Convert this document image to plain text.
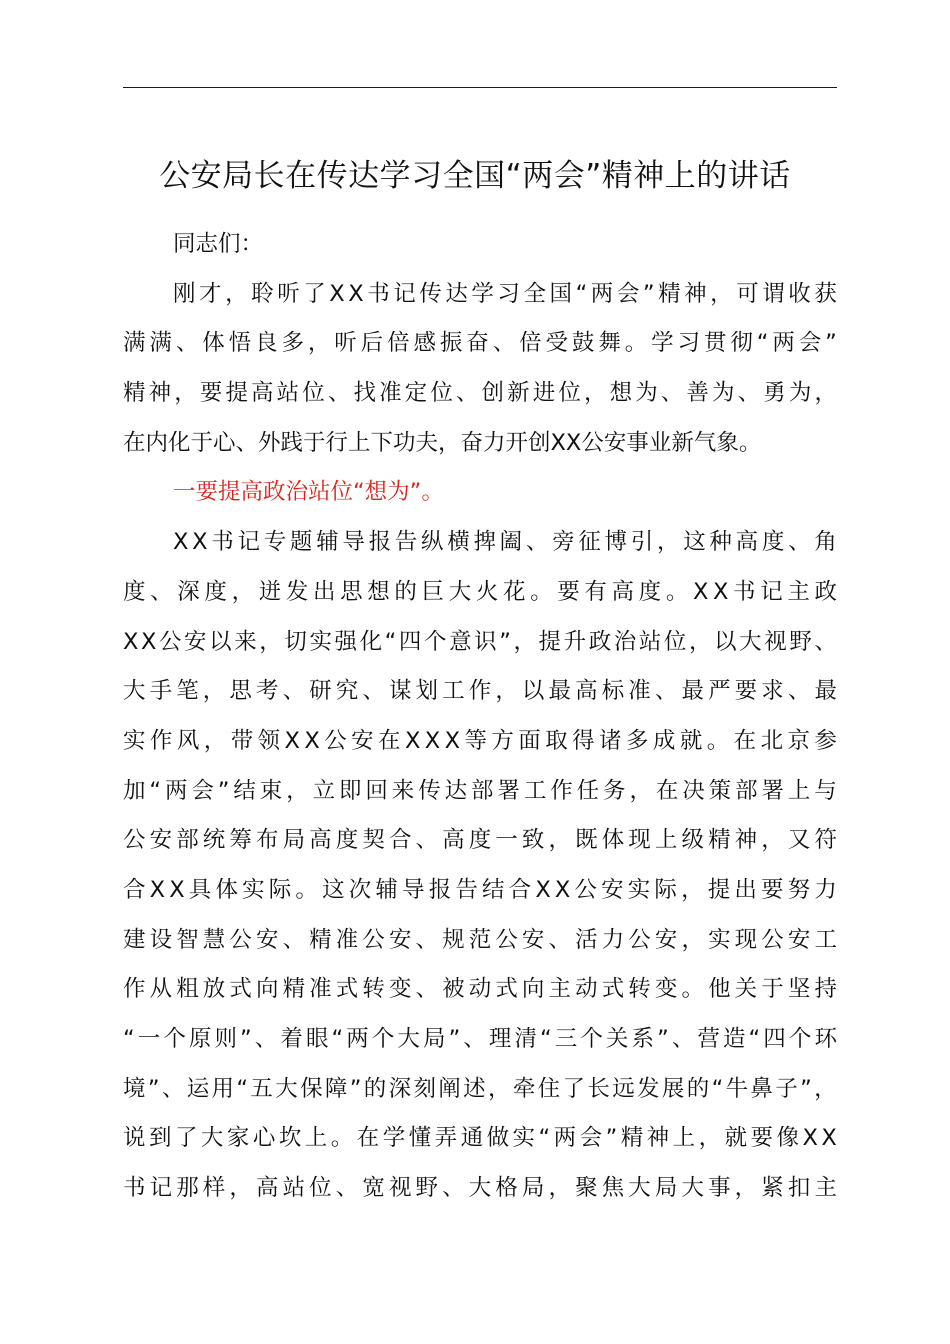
公安局长在传达学习全国“两会”精神上的讲话
同志们：
刚 才 ， 聆 听 了 X X 书 记 传 达 学 习 全 国 “ 两 会 ” 精 神 ， 可 谓 收 获
满 满 、 体 悟 良 多 ， 听 后 倍 感 振 奋 、 倍 受 鼓 舞 。 学 习 贯 彻 “ 两 会 ”
精 神 ， 要 提 高 站 位 、 找 准 定 位 、 创 新 进 位 ， 想 为 、 善 为 、 勇 为 ，
在内化于心、外践于行上下功夫，奋力开创XX公安事业新气象。
一要提高政治站位“想为”。
X X 书 记 专 题 辅 导 报 告 纵 横 捭 阖 、 旁 征 博 引 ， 这 种 高 度 、 角
度 、 深 度 ， 迸 发 出 思 想 的 巨 大 火 花 。 要 有 高 度 。 X X 书 记 主 政
X X 公 安 以 来 ， 切 实 强 化 “ 四 个 意 识 ” ， 提 升 政 治 站 位 ， 以 大 视 野 、
大 手 笔 ， 思 考 、 研 究 、 谋 划 工 作 ， 以 最 高 标 准 、 最 严 要 求 、 最
实 作 风 ， 带 领 X X 公 安 在 X X X 等 方 面 取 得 诸 多 成 就 。 在 北 京 参
加 “ 两 会 ” 结 束 ， 立 即 回 来 传 达 部 署 工 作 任 务 ， 在 决 策 部 署 上 与
公 安 部 统 筹 布 局 高 度 契 合 、 高 度 一 致 ， 既 体 现 上 级 精 神 ， 又 符
合 X X 具 体 实 际 。 这 次 辅 导 报 告 结 合 X X 公 安 实 际 ， 提 出 要 努 力
建 设 智 慧 公 安 、 精 准 公 安 、 规 范 公 安 、 活 力 公 安 ， 实 现 公 安 工
作 从 粗 放 式 向 精 准 式 转 变 、 被 动 式 向 主 动 式 转 变 。 他 关 于 坚 持
“ 一 个 原 则 ” 、 着 眼 “ 两 个 大 局 ” 、 理 清 “ 三 个 关 系 ” 、 营 造 “ 四 个 环
境 ” 、 运 用 “ 五 大 保 障 ” 的 深 刻 阐 述 ， 牵 住 了 长 远 发 展 的 “ 牛 鼻 子 ” ，
说 到 了 大 家 心 坎 上 。 在 学 懂 弄 通 做 实 “ 两 会 ” 精 神 上 ， 就 要 像 X X
书 记 那 样 ， 高 站 位 、 宽 视 野 、 大 格 局 ， 聚 焦 大 局 大 事 ， 紧 扣 主
